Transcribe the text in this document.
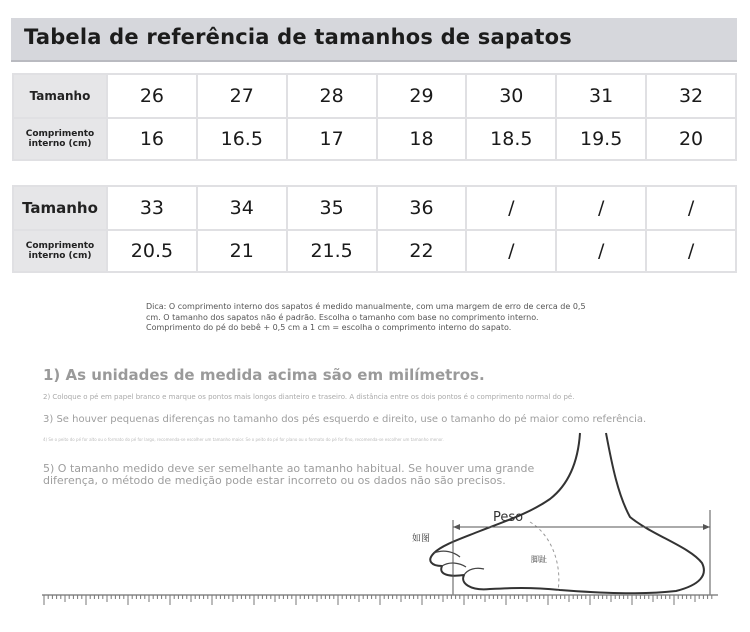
Tabela de referência de tamanhos de sapatos
Tamanho	26	27	28	29	30	31	32

Comprimento
interno (cm)	16	16.5	17	18	18.5	19.5	20
Tamanho	33	34	35	36	/	/	/

Comprimento
interno (cm)	20.5	21	21.5	22	/	/	/
Dica: O comprimento interno dos sapatos é medido manualmente, com uma margem de erro de cerca de 0,5
cm. O tamanho dos sapatos não é padrão. Escolha o tamanho com base no comprimento interno.
Comprimento do pé do bebê + 0,5 cm a 1 cm = escolha o comprimento interno do sapato.
1) As unidades de medida acima são em milímetros.
2) Coloque o pé em papel branco e marque os pontos mais longos dianteiro e traseiro. A distância entre os dois pontos é o comprimento normal do pé.
3) Se houver pequenas diferenças no tamanho dos pés esquerdo e direito, use o tamanho do pé maior como referência.
4) Se o peito do pé for alto ou o formato do pé for largo, recomenda-se escolher um tamanho maior. Se o peito do pé for plano ou o formato do pé for fino, recomenda-se escolher um tamanho menor.
5) O tamanho medido deve ser semelhante ao tamanho habitual. Se houver uma grande diferença, o método de medição pode estar incorreto ou os dados não são precisos.
Peso
如图
脚趾
